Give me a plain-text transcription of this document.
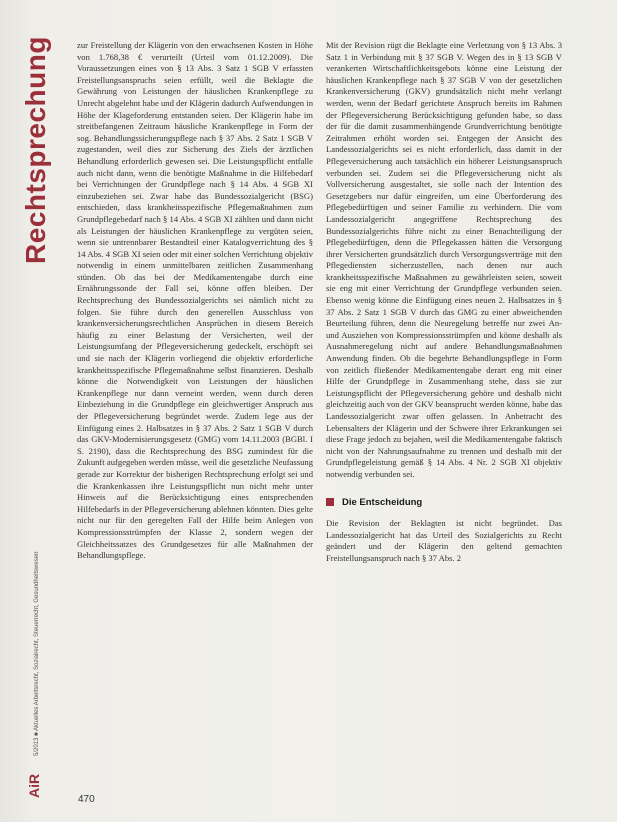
Rechtsprechung
AiR
5/2013 ■ Aktuelles Arbeitsrecht, Sozialrecht, Steuerrecht, Gesundheitswesen

zur Freistellung der Klägerin von den erwachsenen Kosten in Höhe von 1.768,38 € verurteilt (Urteil vom 01.12.2009). Die Voraussetzungen eines von § 13 Abs. 3 Satz 1 SGB V erfassten Freistellungsanspruchs seien erfüllt, weil die Beklagte die Gewährung von Leistungen der häuslichen Krankenpflege zu Unrecht abgelehnt habe und der Klägerin dadurch Aufwendungen in Höhe der Klageforderung entstanden seien. Der Klägerin habe im streitbefangenen Zeitraum häusliche Krankenpflege in Form der sog. Behandlungssicherungspflege nach § 37 Abs. 2 Satz 1 SGB V zugestanden, weil dies zur Sicherung des Ziels der ärztlichen Behandlung erforderlich gewesen sei. Die Leistungspflicht entfalle auch nicht dann, wenn die benötigte Maßnahme in die Hilfebedarf bei Verrichtungen der Grundpflege nach § 14 Abs. 4 SGB XI einzubeziehen sei. Zwar habe das Bundessozialgericht (BSG) entschieden, dass krankheitsspezifische Pflegemaßnahmen zum Grundpflegebedarf nach § 14 Abs. 4 SGB XI zählten und dann nicht als Leistungen der häuslichen Krankenpflege zu vergüten seien, wenn sie untrennbarer Bestandteil einer Katalogverrichtung des § 14 Abs. 4 SGB XI seien oder mit einer solchen Verrichtung objektiv notwendig in einem unmittelbaren zeitlichen Zusammenhang stünden. Ob das bei der Medikamentengabe durch eine Ernährungssonde der Fall sei, könne offen bleiben. Der Rechtsprechung des Bundessozialgerichts sei nämlich nicht zu folgen. Sie führe durch den generellen Ausschluss von krankenversicherungsrechtlichen Ansprüchen in diesem Bereich häufig zu einer Belastung der Versicherten, weil der Leistungsumfang der Pflegeversicherung gedeckelt, erschöpft sei und sie nach der Klägerin vorliegend die objektiv erforderliche krankheitsspezifische Pflegemaßnahme selbst finanzieren. Deshalb könne die Notwendigkeit von Leistungen der häuslichen Krankenpflege nur dann verneint werden, wenn durch deren Einbeziehung in die Grundpflege ein gleichwertiger Anspruch aus der Pflegeversicherung begründet werde. Zudem lege aus der Einfügung eines 2. Halbsatzes in § 37 Abs. 2 Satz 1 SGB V durch das GKV-Modernisierungsgesetz (GMG) vom 14.11.2003 (BGBl. I S. 2190), dass die Rechtsprechung des BSG zumindest für die Zukunft aufgegeben werden müsse, weil die gesetzliche Neufassung gerade zur Korrektur der bisherigen Rechtsprechung erfolgt sei und die Krankenkassen ihre Leistungspflicht nun nicht mehr unter Hinweis auf die Berücksichtigung eines entsprechenden Hilfebedarfs in der Pflegeversicherung ablehnen könnten. Dies gelte nicht nur für den geregelten Fall der Hilfe beim Anlegen von Kompressionsstrümpfen der Klasse 2, sondern wegen der Gleichheitssatzes des Grundgesetzes für alle Maßnahmen der Behandlungspflege.

Mit der Revision rügt die Beklagte eine Verletzung von § 13 Abs. 3 Satz 1 in Verbindung mit § 37 SGB V. Wegen des in § 13 SGB V verankerten Wirtschaftlichkeitsgebots könne eine Leistung der häuslichen Krankenpflege nach § 37 SGB V von der gesetzlichen Krankenversicherung (GKV) grundsätzlich nicht mehr verlangt werden, wenn der Bedarf gerichtete Anspruch bereits im Rahmen der Pflegeversicherung Berücksichtigung gefunden habe, so dass der für die damit zusammenhängende Grundverrichtung benötigte Zeitrahmen erhöht worden sei. Entgegen der Ansicht des Landessozialgerichts sei es nicht erforderlich, dass damit in der Pflegeversicherung auch tatsächlich ein höherer Leistungsanspruch verbunden sei. Zudem sei die Pflegeversicherung nicht als Vollversicherung ausgestaltet, sie solle nach der Intention des Gesetzgebers nur dafür eingreifen, um eine Überforderung des Pflegebedürftigen und seiner Familie zu verhindern. Die vom Landessozialgericht angegriffene Rechtsprechung des Bundessozialgerichts führe nicht zu einer Benachteiligung der Pflegebedürftigen, denn die Pflegekassen hätten die Versorgung ihrer Versicherten grundsätzlich durch Versorgungsverträge mit den Pflegediensten sicherzustellen, nach denen nur auch krankheitsspezifische Maßnahmen zu gewährleisten seien, soweit sie eng mit einer Verrichtung der Grundpflege verbunden seien. Ebenso wenig könne die Einfügung eines neuen 2. Halbsatzes in § 37 Abs. 2 Satz 1 SGB V durch das GMG zu einer abweichenden Beurteilung führen, denn die Neuregelung betreffe nur zwei An- und Ausziehen von Kompressionsstrümpfen und könne deshalb als Ausnahmeregelung nicht auf andere Behandlungsmaßnahmen Anwendung finden. Ob die begehrte Behandlungspflege in Form von zeitlich fließender Medikamentengabe derart eng mit einer Hilfe der Grundpflege in Zusammenhang stehe, dass sie zur Leistungspflicht der Pflegeversicherung gehöre und deshalb nicht gleichzeitig auch von der GKV beansprucht werden könne, habe das Landessozialgericht zwar offen gelassen. In Anbetracht des Lebensalters der Klägerin und der Schwere ihrer Erkrankungen sei diese Frage jedoch zu bejahen, weil die Medikamentengabe faktisch nicht von der Nahrungsaufnahme zu trennen und deshalb mit der Grundpflegeleistung gemäß § 14 Abs. 4 Nr. 2 SGB XI objektiv notwendig verbunden sei.

Die Entscheidung

Die Revision der Beklagten ist nicht begründet. Das Landessozialgericht hat das Urteil des Sozialgerichts zu Recht geändert und der Klägerin den geltend gemachten Freistellungsanspruch nach § 37 Abs. 2

470
